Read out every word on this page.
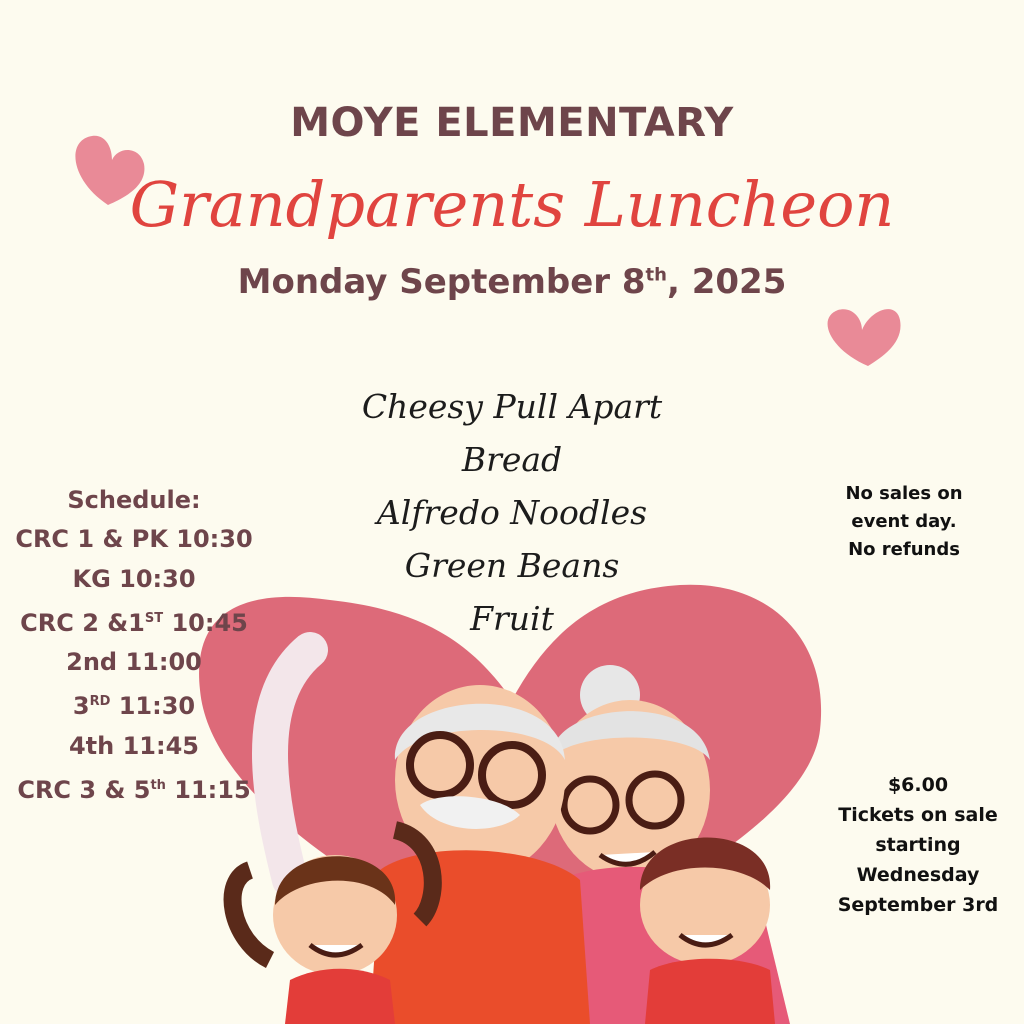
MOYE ELEMENTARY
Grandparents Luncheon
Monday September 8th, 2025
Cheesy Pull Apart Bread
Alfredo Noodles
Green Beans
Fruit
Schedule:
CRC 1 & PK 10:30
KG 10:30
CRC 2 &1ST 10:45
2nd 11:00
3RD 11:30
4th 11:45
CRC 3 & 5th 11:15
No sales on
event day.
No refunds
$6.00
Tickets on sale
starting
Wednesday
September 3rd
